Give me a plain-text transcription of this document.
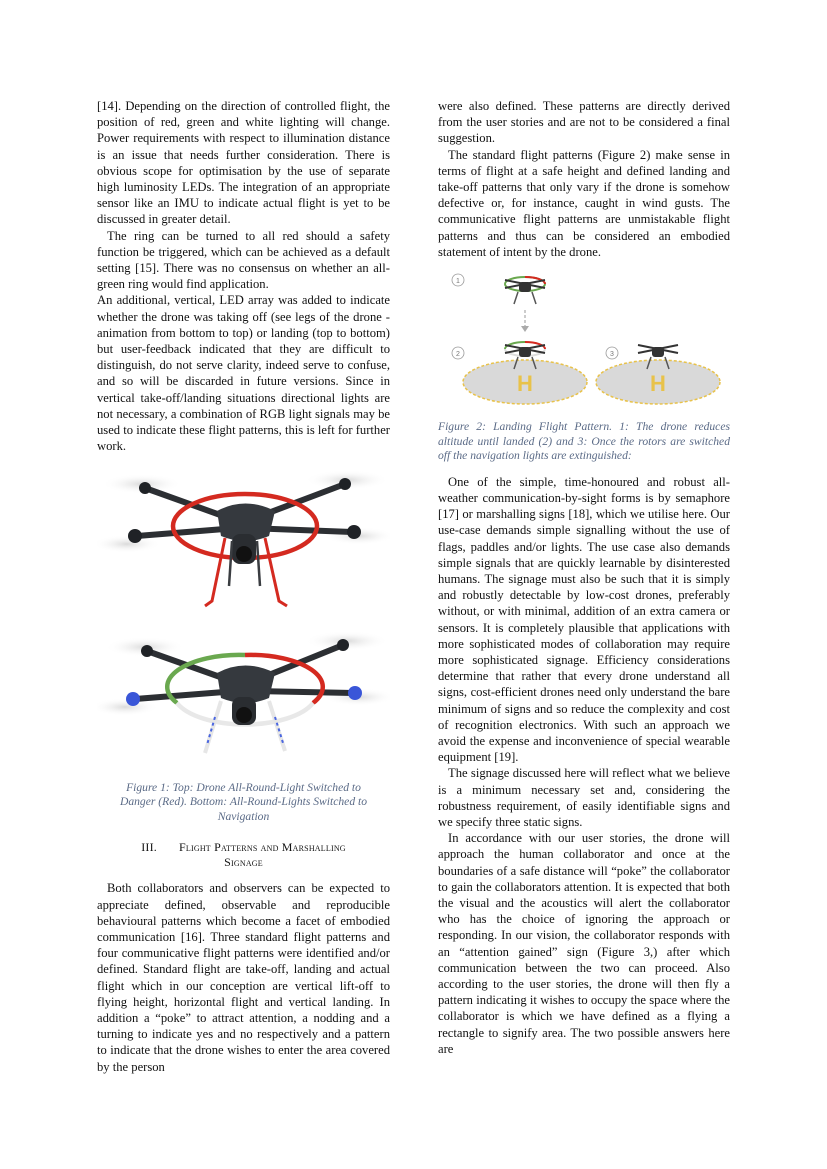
[14]. Depending on the direction of controlled flight, the position of red, green and white lighting will change. Power requirements with respect to illumination distance is an issue that needs further consideration. There is obvious scope for optimisation by the use of separate high luminosity LEDs. The integration of an appropriate sensor like an IMU to indicate actual flight is yet to be discussed in greater detail.

The ring can be turned to all red should a safety function be triggered, which can be achieved as a default setting [15]. There was no consensus on whether an all-green ring would find application.

An additional, vertical, LED array was added to indicate whether the drone was taking off (see legs of the drone - animation from bottom to top) or landing (top to bottom) but user-feedback indicated that they are difficult to distinguish, do not serve clarity, indeed serve to confuse, and so will be discarded in future versions. Since in vertical take-off/landing situations directional lights are not necessary, a combination of RGB light signals may be used to indicate these flight patterns, this is left for further work.

Figure 1: Top: Drone All-Round-Light Switched to Danger (Red). Bottom: All-Round-Lights Switched to Navigation

III. Flight Patterns and Marshalling
Signage

Both collaborators and observers can be expected to appreciate defined, observable and reproducible behavioural patterns which become a facet of embodied communication [16]. Three standard flight patterns and four communicative flight patterns were identified and/or defined. Standard flight are take-off, landing and actual flight which in our conception are vertical lift-off to flying height, horizontal flight and vertical landing. In addition a “poke” to attract attention, a nodding and a turning to indicate yes and no respectively and a pattern to indicate that the drone wishes to enter the area covered by the person

were also defined. These patterns are directly derived from the user stories and are not to be considered a final suggestion.

The standard flight patterns (Figure 2) make sense in terms of flight at a safe height and defined landing and take-off patterns that only vary if the drone is somehow defective or, for instance, caught in wind gusts. The communicative flight patterns are unmistakable flight patterns and thus can be considered an embodied statement of intent by the drone.

1
2	3
H	H

Figure 2: Landing Flight Pattern. 1: The drone reduces altitude until landed (2) and 3: Once the rotors are switched off the navigation lights are extinguished:

One of the simple, time-honoured and robust all-weather communication-by-sight forms is by semaphore [17] or marshalling signs [18], which we utilise here. Our use-case demands simple signalling without the use of flags, paddles and/or lights. The use case also demands simple signals that are quickly learnable by disinterested humans. The signage must also be such that it is simply and robustly detectable by low-cost drones, preferably without, or with minimal, addition of an extra camera or sensors. It is completely plausible that applications with more sophisticated modes of collaboration may require more sophisticated signage. Efficiency considerations determine that rather that every drone understand all signs, cost-efficient drones need only understand the bare minimum of signs and so reduce the complexity and cost of recognition electronics. With such an approach we avoid the expense and inconvenience of special wearable equipment [19].

The signage discussed here will reflect what we believe is a minimum necessary set and, considering the robustness requirement, of easily identifiable signs and we specify three static signs.

In accordance with our user stories, the drone will approach the human collaborator and once at the boundaries of a safe distance will “poke” the collaborator to gain the collaborators attention. It is expected that both the visual and the acoustics will alert the collaborator who has the choice of ignoring the approach or responding. In our vision, the collaborator responds with an “attention gained” sign (Figure 3,) after which communication between the two can proceed. Also according to the user stories, the drone will then fly a pattern indicating it wishes to occupy the space where the collaborator is which we have defined as a flying a rectangle to signify area. The two possible answers here are
